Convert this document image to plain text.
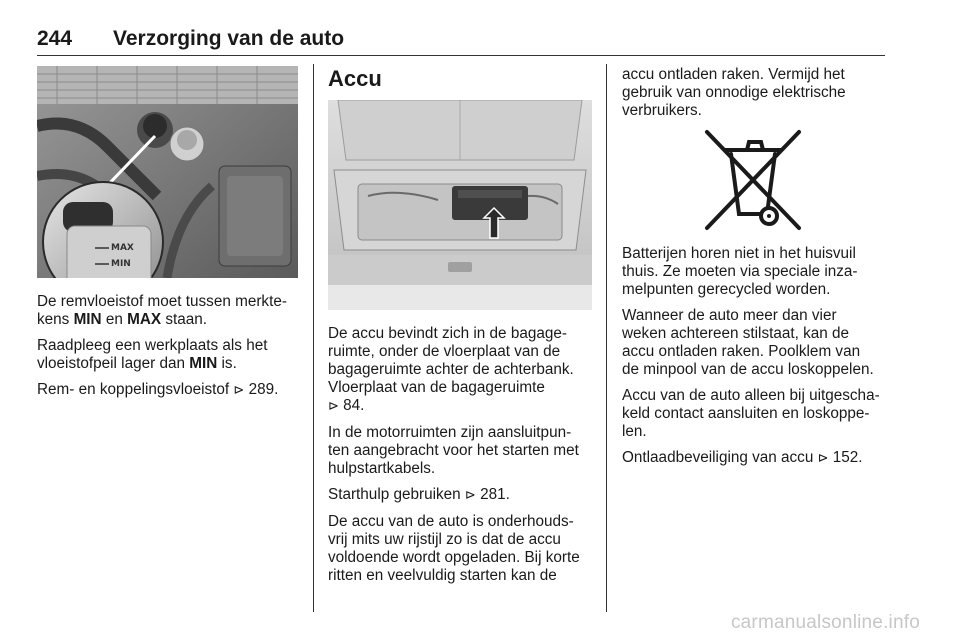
244 Verzorging van de auto
MAX
MIN

De remvloeistof moet tussen merkte-
kens MIN en MAX staan.

Raadpleeg een werkplaats als het
vloeistofpeil lager dan MIN is.

Rem- en koppelingsvloeistof ⊳ 289.

Accu

De accu bevindt zich in de bagage-
ruimte, onder de vloerplaat van de
bagageruimte achter de achterbank.
Vloerplaat van de bagageruimte
⊳ 84.

In de motorruimten zijn aansluitpun-
ten aangebracht voor het starten met
hulpstartkabels.

Starthulp gebruiken ⊳ 281.

De accu van de auto is onderhouds-
vrij mits uw rijstijl zo is dat de accu
voldoende wordt opgeladen. Bij korte
ritten en veelvuldig starten kan de

accu ontladen raken. Vermijd het
gebruik van onnodige elektrische
verbruikers.

Batterijen horen niet in het huisvuil
thuis. Ze moeten via speciale inza-
melpunten gerecycled worden.

Wanneer de auto meer dan vier
weken achtereen stilstaat, kan de
accu ontladen raken. Poolklem van
de minpool van de accu loskoppelen.

Accu van de auto alleen bij uitgescha-
keld contact aansluiten en loskoppe-
len.

Ontlaadbeveiliging van accu ⊳ 152.

carmanualsonline.info
